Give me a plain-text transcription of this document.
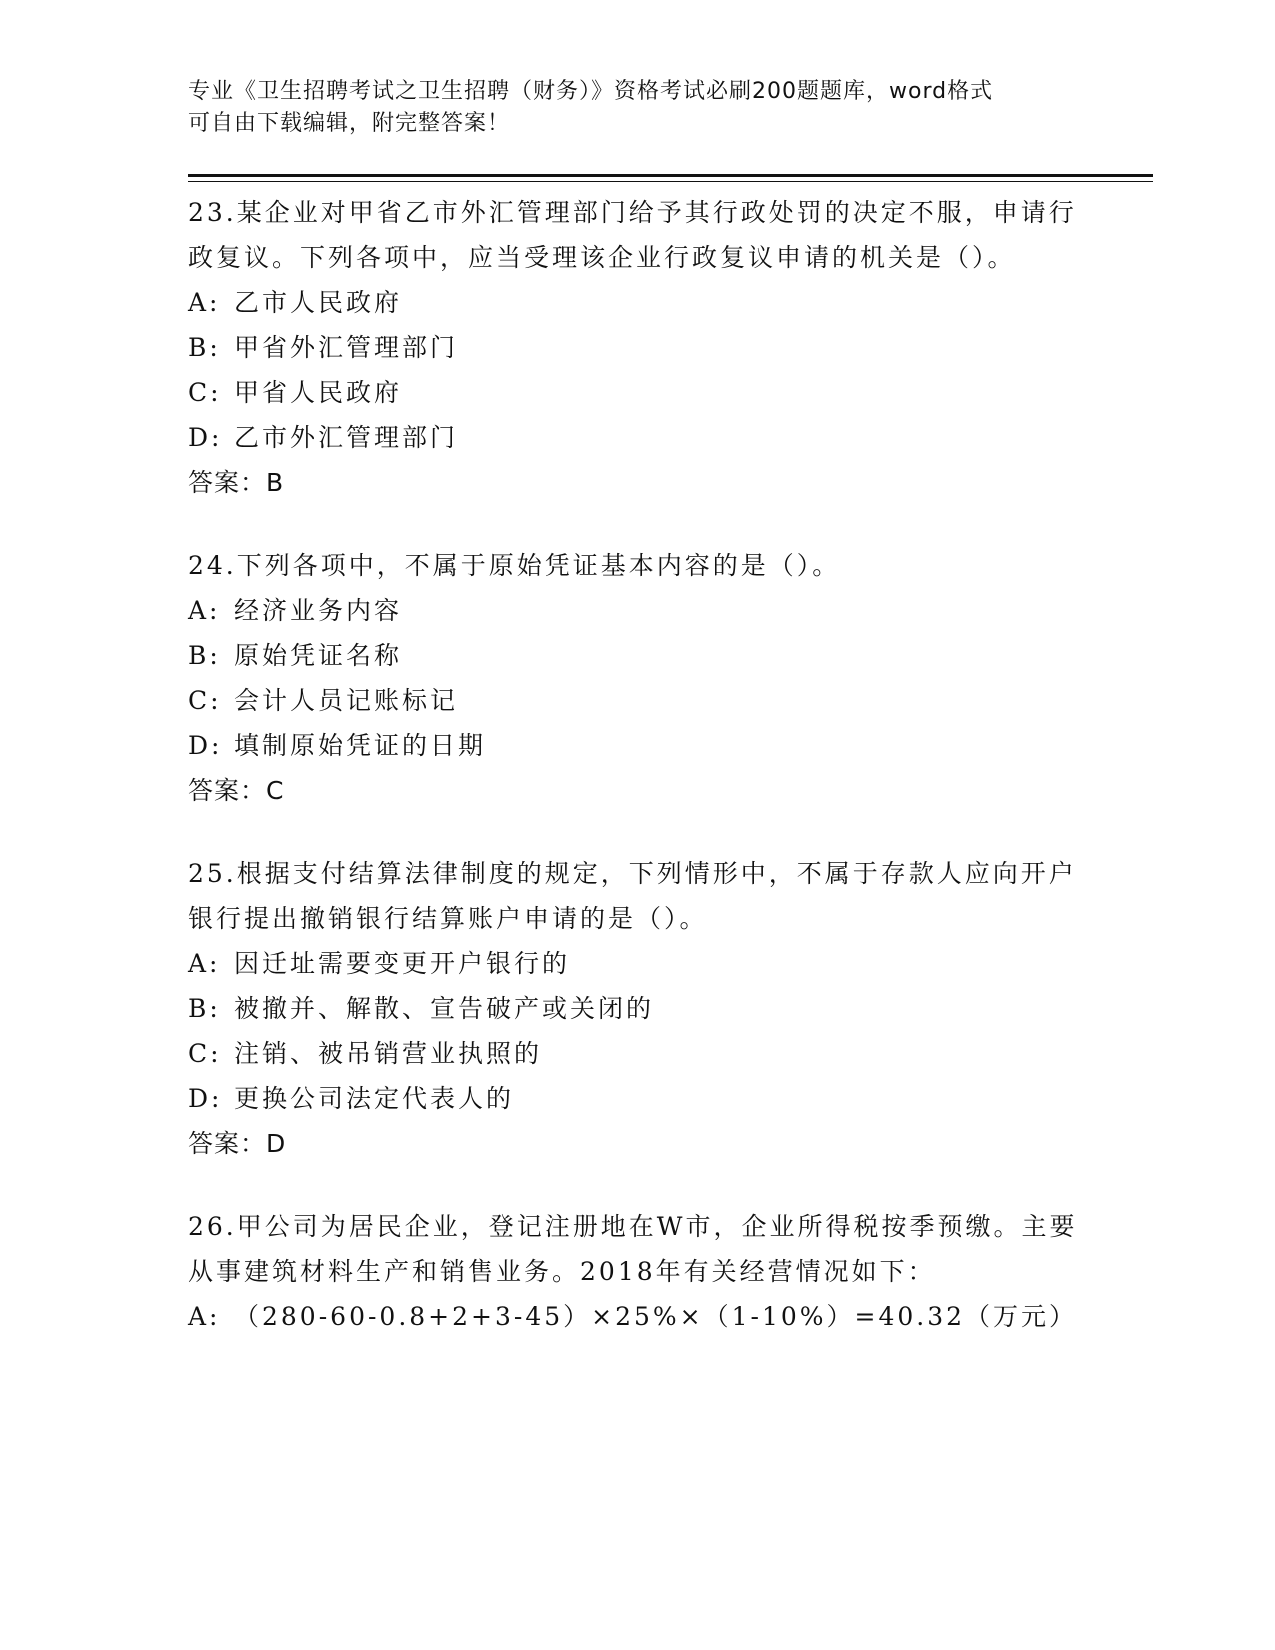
专业《卫生招聘考试之卫生招聘（财务）》资格考试必刷200题题库，word格式
可自由下载编辑，附完整答案！

23.某企业对甲省乙市外汇管理部门给予其行政处罚的决定不服，申请行政复议。下列各项中，应当受理该企业行政复议申请的机关是（）。

A: 乙市人民政府

B: 甲省外汇管理部门

C: 甲省人民政府

D: 乙市外汇管理部门

答案：B

24.下列各项中，不属于原始凭证基本内容的是（）。

A: 经济业务内容

B: 原始凭证名称

C: 会计人员记账标记

D: 填制原始凭证的日期

答案：C

25.根据支付结算法律制度的规定，下列情形中，不属于存款人应向开户银行提出撤销银行结算账户申请的是（）。

A: 因迁址需要变更开户银行的

B: 被撤并、解散、宣告破产或关闭的

C: 注销、被吊销营业执照的

D: 更换公司法定代表人的

答案：D

26.甲公司为居民企业，登记注册地在W市，企业所得税按季预缴。主要从事建筑材料生产和销售业务。2018年有关经营情况如下：

A: （280-60-0.8+2+3-45）×25%×（1-10%）=40.32（万元）
